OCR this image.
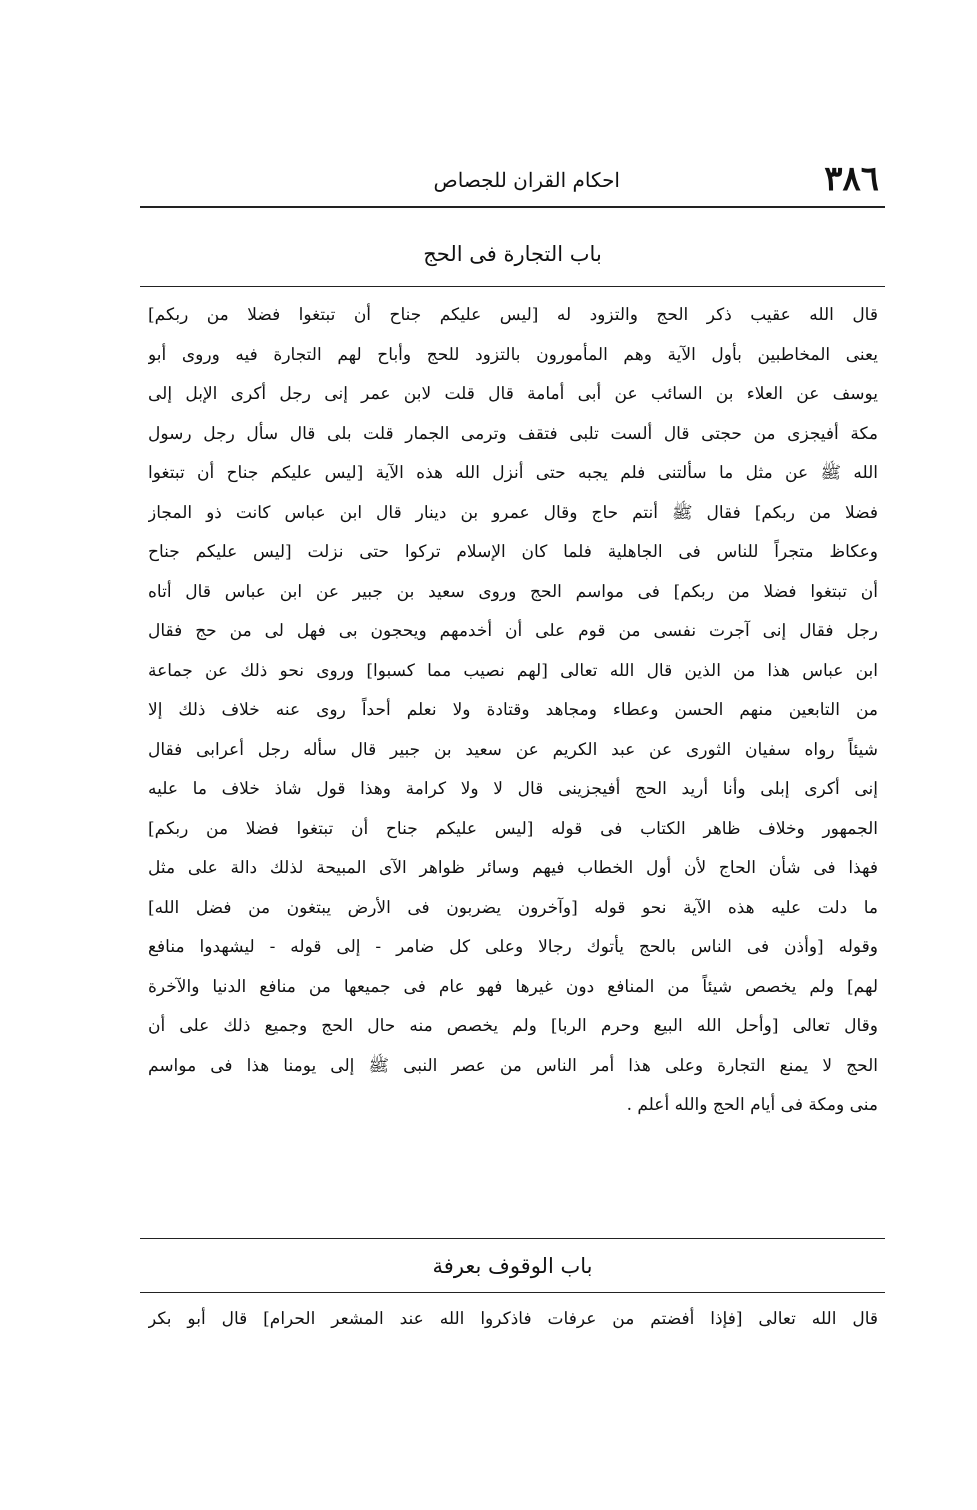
٣٨٦
احكام القران للجصاص
باب التجارة فى الحج
قال الله عقيب ذكر الحج والتزود له [ليس عليكم جناح أن تبتغوا فضلا من ربكم]
يعنى المخاطبين بأول الآية وهم المأمورون بالتزود للحج وأباح لهم التجارة فيه وروى أبو
يوسف عن العلاء بن السائب عن أبى أمامة قال قلت لابن عمر إنى رجل أكرى الإبل إلى
مكة أفيجزى من حجتى قال ألست تلبى فتقف وترمى الجمار قلت بلى قال سأل رجل رسول
الله ﷺ عن مثل ما سألتنى فلم يجبه حتى أنزل الله هذه الآية [ليس عليكم جناح أن تبتغوا
فضلا من ربكم] فقال ﷺ أنتم حاج وقال عمرو بن دينار قال ابن عباس كانت ذو المجاز
وعكاظ متجراً للناس فى الجاهلية فلما كان الإسلام تركوا حتى نزلت [ليس عليكم جناح
أن تبتغوا فضلا من ربكم] فى مواسم الحج وروى سعيد بن جبير عن ابن عباس قال أتاه
رجل فقال إنى آجرت نفسى من قوم على أن أخدمهم ويحجون بى فهل لى من حج فقال
ابن عباس هذا من الذين قال الله تعالى [لهم نصيب مما كسبوا] وروى نحو ذلك عن جماعة
من التابعين منهم الحسن وعطاء ومجاهد وقتادة ولا نعلم أحداً روى عنه خلاف ذلك إلا
شيئاً رواه سفيان الثورى عن عبد الكريم عن سعيد بن جبير قال سأله رجل أعرابى فقال
إنى أكرى إبلى وأنا أريد الحج أفيجزينى قال لا ولا كرامة وهذا قول شاذ خلاف ما عليه
الجمهور وخلاف ظاهر الكتاب فى قوله [ليس عليكم جناح أن تبتغوا فضلا من ربكم]
فهذا فى شأن الحاج لأن أول الخطاب فيهم وسائر ظواهر الآى المبيحة لذلك دالة على مثل
ما دلت عليه هذه الآية نحو قوله [وآخرون يضربون فى الأرض يبتغون من فضل الله]
وقوله [وأذن فى الناس بالحج يأتوك رجالا وعلى كل ضامر - إلى قوله - ليشهدوا منافع
لهم] ولم يخصص شيئاً من المنافع دون غيرها فهو عام فى جميعها من منافع الدنيا والآخرة
وقال تعالى [وأحل الله البيع وحرم الربا] ولم يخصص منه حال الحج وجميع ذلك على أن
الحج لا يمنع التجارة وعلى هذا أمر الناس من عصر النبى ﷺ إلى يومنا هذا فى مواسم
منى ومكة فى أيام الحج والله أعلم .
باب الوقوف بعرفة
قال الله تعالى [فإذا أفضتم من عرفات فاذكروا الله عند المشعر الحرام] قال أبو بكر
